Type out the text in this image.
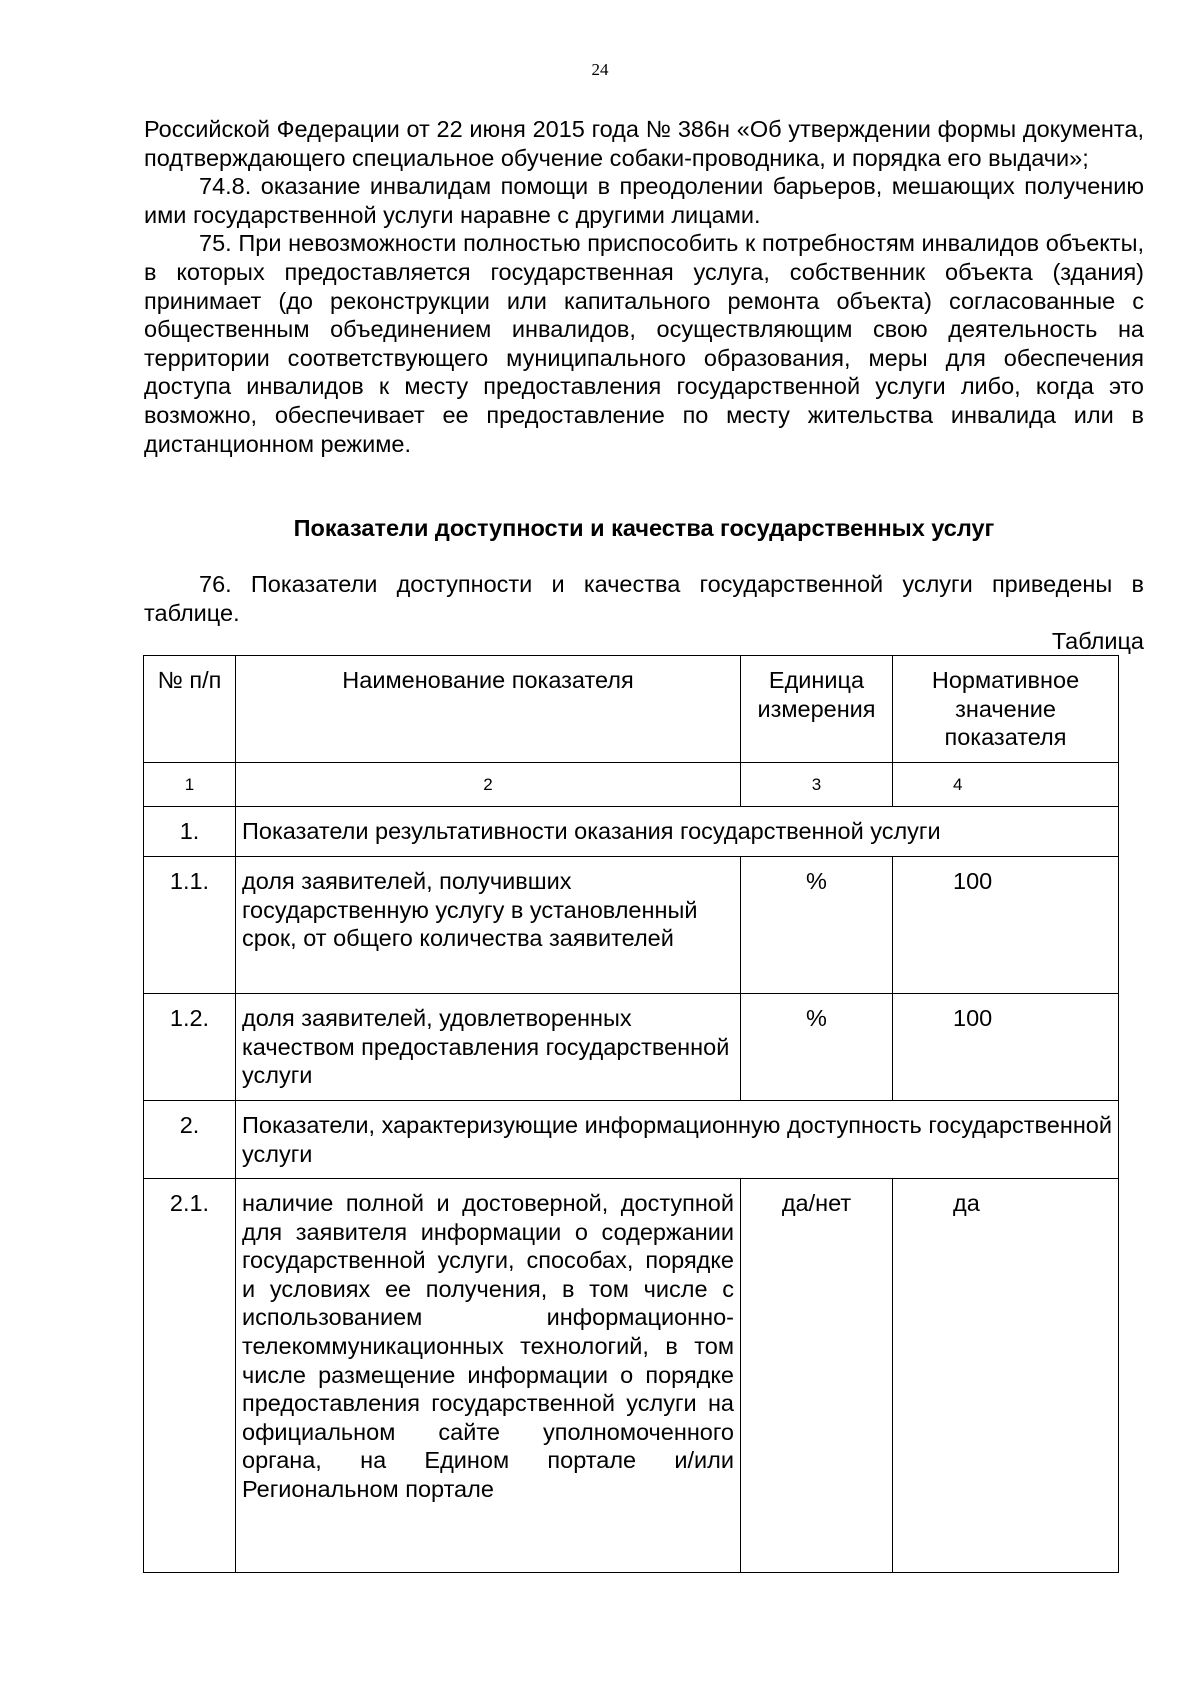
24

Российской Федерации от 22 июня 2015 года № 386н «Об утверждении формы документа, подтверждающего специальное обучение собаки-проводника, и порядка его выдачи»;

74.8. оказание инвалидам помощи в преодолении барьеров, мешающих получению ими государственной услуги наравне с другими лицами.

75. При невозможности полностью приспособить к потребностям инвалидов объекты, в которых предоставляется государственная услуга, собственник объекта (здания) принимает (до реконструкции или капитального ремонта объекта) согласованные с общественным объединением инвалидов, осуществляющим свою деятельность на территории соответствующего муниципального образования, меры для обеспечения доступа инвалидов к месту предоставления государственной услуги либо, когда это возможно, обеспечивает ее предоставление по месту жительства инвалида или в дистанционном режиме.

Показатели доступности и качества государственных услуг

76. Показатели доступности и качества государственной услуги приведены в таблице.

Таблица
№ п/п	Наименование показателя	Единица измерения	Нормативное значение показателя
1	2	3	4
1.	Показатели результативности оказания государственной услуги		
1.1.	доля заявителей, получивших государственную услугу в установленный срок, от общего количества заявителей	%	100
1.2.	доля заявителей, удовлетворенных качеством предоставления государственной услуги	%	100
2.	Показатели, характеризующие информационную доступность государственной услуги		
2.1.	наличие полной и достоверной, доступной для заявителя информации о содержании государственной услуги, способах, порядке и условиях ее получения, в том числе с использованием информационно-телекоммуникационных технологий, в том числе размещение информации о порядке предоставления государственной услуги на официальном сайте уполномоченного органа, на Едином портале и/или Региональном портале	да/нет	да
